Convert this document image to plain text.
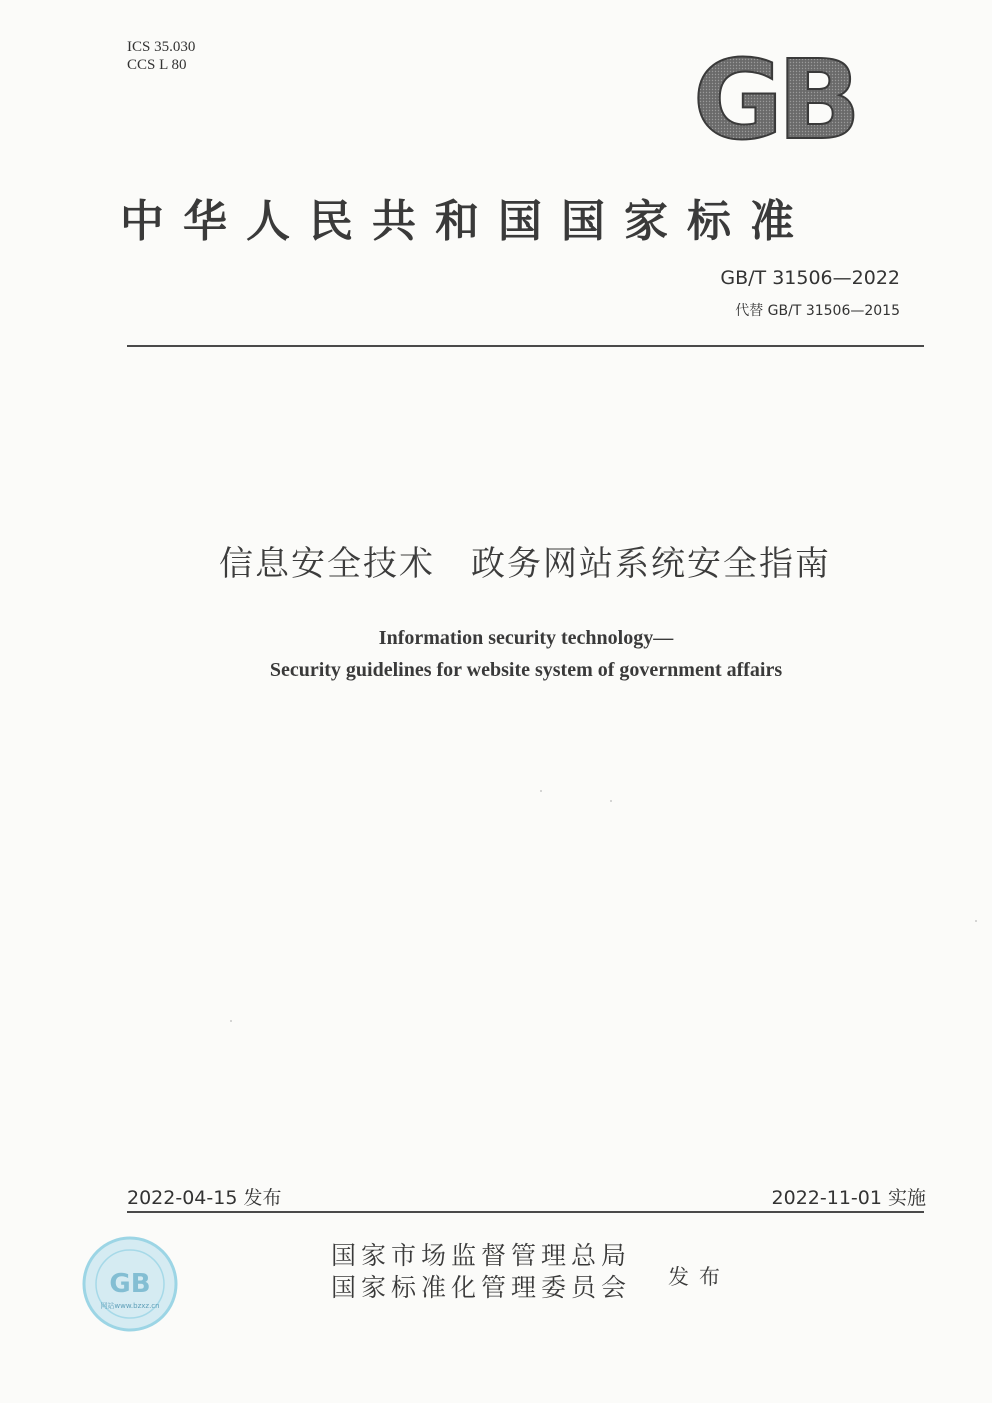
ICS 35.030
CCS L 80	GB
中华人民共和国国家标准
GB/T 31506—2022
代替 GB/T 31506—2015
信息安全技术　政务网站系统安全指南
Information security technology—
Security guidelines for website system of government affairs
2022-04-15 发布	2022-11-01 实施
国家市场监督管理总局
国家标准化管理委员会 发布
GB
网站www.bzxz.cn
